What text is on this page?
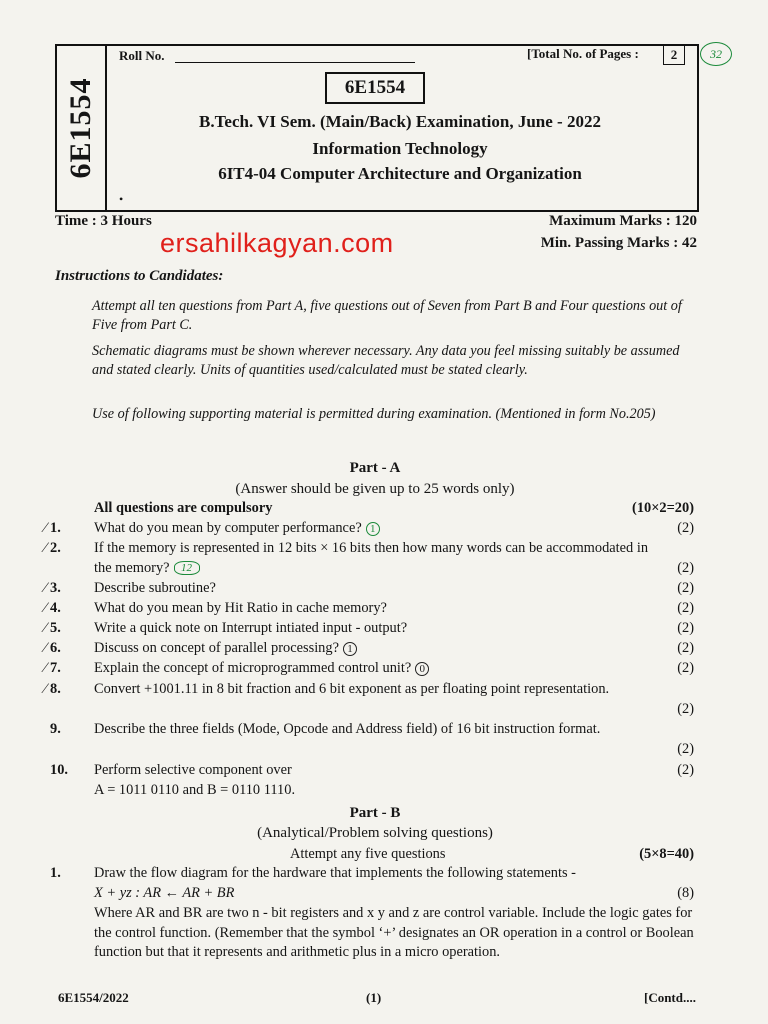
6E1554
Roll No.	[Total No. of Pages :	2	32
6E1554
B.Tech. VI Sem. (Main/Back) Examination, June - 2022
Information Technology
6IT4-04 Computer Architecture and Organization
•
Time : 3 Hours	Maximum Marks : 120
Min. Passing Marks : 42
ersahilkagyan.com
Instructions to Candidates:
Attempt all ten questions from Part A, five questions out of Seven from Part B and Four questions out of Five from Part C.
Schematic diagrams must be shown wherever necessary. Any data you feel missing suitably be assumed and stated clearly. Units of quantities used/calculated must be stated clearly.
Use of following supporting material is permitted during examination. (Mentioned in form No.205)
Part - A
(Answer should be given up to 25 words only)
All questions are compulsory	(10×2=20)
⁄ 1.	What do you mean by computer performance? 1	(2)
⁄ 2.	If the memory is represented in 12 bits × 16 bits then how many words can be accommodated in the memory? 12	(2)
⁄ 3.	Describe subroutine?	(2)
⁄ 4.	What do you mean by Hit Ratio in cache memory?	(2)
⁄ 5.	Write a quick note on Interrupt intiated input - output?	(2)
⁄ 6.	Discuss on concept of parallel processing? 1	(2)
⁄ 7.	Explain the concept of microprogrammed control unit? 0	(2)
⁄ 8.	Convert +1001.11 in 8 bit fraction and 6 bit exponent as per floating point representation.
(2)
9.	Describe the three fields (Mode, Opcode and Address field) of 16 bit instruction format.
(2)
10.	Perform selective component over
A = 1011 0110 and B = 0110 1110.
(2)
Part - B
(Analytical/Problem solving questions)
Attempt any five questions	(5×8=40)
1.	Draw the flow diagram for the hardware that implements the following statements -
X + yz : AR ← AR + BR	(8)
Where AR and BR are two n - bit registers and x y and z are control variable. Include the logic gates for the control function. (Remember that the symbol ‘+’ designates an OR operation in a control or Boolean function but that it represents and arithmetic plus in a micro operation.
6E1554/2022	(1)	[Contd....
